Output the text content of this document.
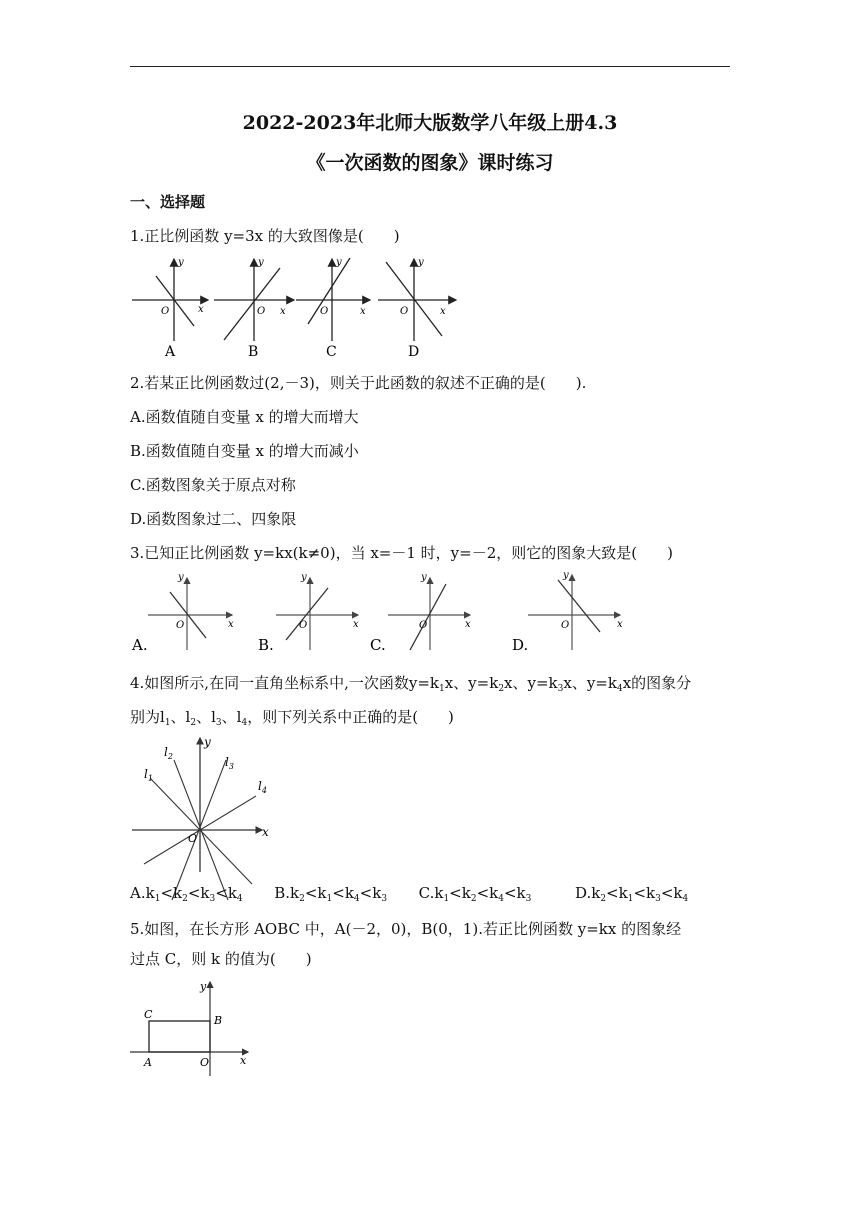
2022-2023年北师大版数学八年级上册4.3
《一次函数的图象》课时练习
一、选择题
1.正比例函数 y=3x 的大致图像是(　　)
y
x
O
A
y
x
O
B
y
x
O
C
y
x
O
D
2.若某正比例函数过(2,－3)，则关于此函数的叙述不正确的是(　　).
A.函数值随自变量 x 的增大而增大
B.函数值随自变量 x 的增大而减小
C.函数图象关于原点对称
D.函数图象过二、四象限
3.已知正比例函数 y=kx(k≠0)，当 x=－1 时，y=－2，则它的图象大致是(　　)
y
x
O
y
x
O
y
x
O
y
x
O
A.	B.	C.	D.
4.如图所示,在同一直角坐标系中,一次函数$y=k_1x$、$y=k_2x$、$y=k_3x$、$y=k_4x$的图象分
别为$l_1$、$l_2$、$l_3$、$l_4$，则下列关系中正确的是(　　)
y
x
O
$l_1$
$l_2$	$l_3$
$l_4$
$A.k_1<k_2<k_3<k_4$ $B.k_2<k_1<k_4<k_3$ $C.k_1<k_2<k_4<k_3$	$D.k_2<k_1<k_3<k_4$
5.如图，在长方形 AOBC 中，A(－2，0)，B(0，1).若正比例函数 y=kx 的图象经
过点 C，则 k 的值为(　　)
y
x
C	B
A	O
